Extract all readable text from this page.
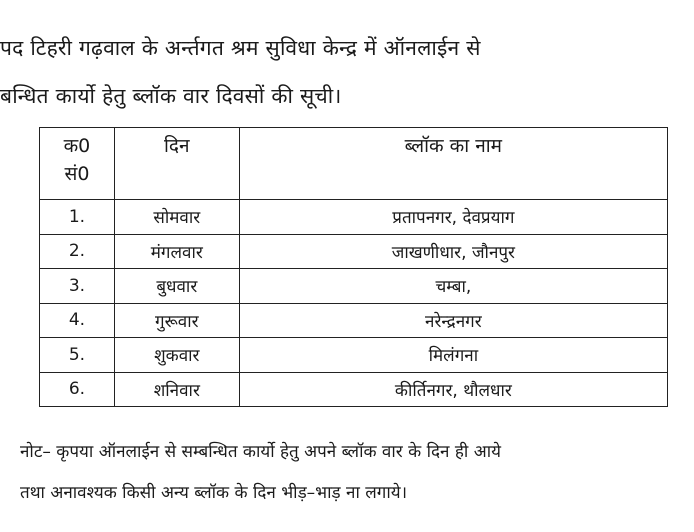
पद टिहरी गढ़वाल के अर्न्तगत श्रम सुविधा केन्द्र में ऑनलाईन से
बन्धित कार्यो हेतु ब्लॉक वार दिवसों की सूची।
क0
सं0	दिन	ब्लॉक का नाम
1.	सोमवार	प्रतापनगर, देवप्रयाग
2.	मंगलवार	जाखणीधार, जौनपुर
3.	बुधवार	चम्बा,
4.	गुरूवार	नरेन्द्रनगर
5.	शुकवार	मिलंगना
6.	शनिवार	कीर्तिनगर, थौलधार
नोट– कृपया ऑनलाईन से सम्बन्धित कार्यो हेतु अपने ब्लॉक वार के दिन ही आये
तथा अनावश्यक किसी अन्य ब्लॉक के दिन भीड़–भाड़ ना लगाये।
